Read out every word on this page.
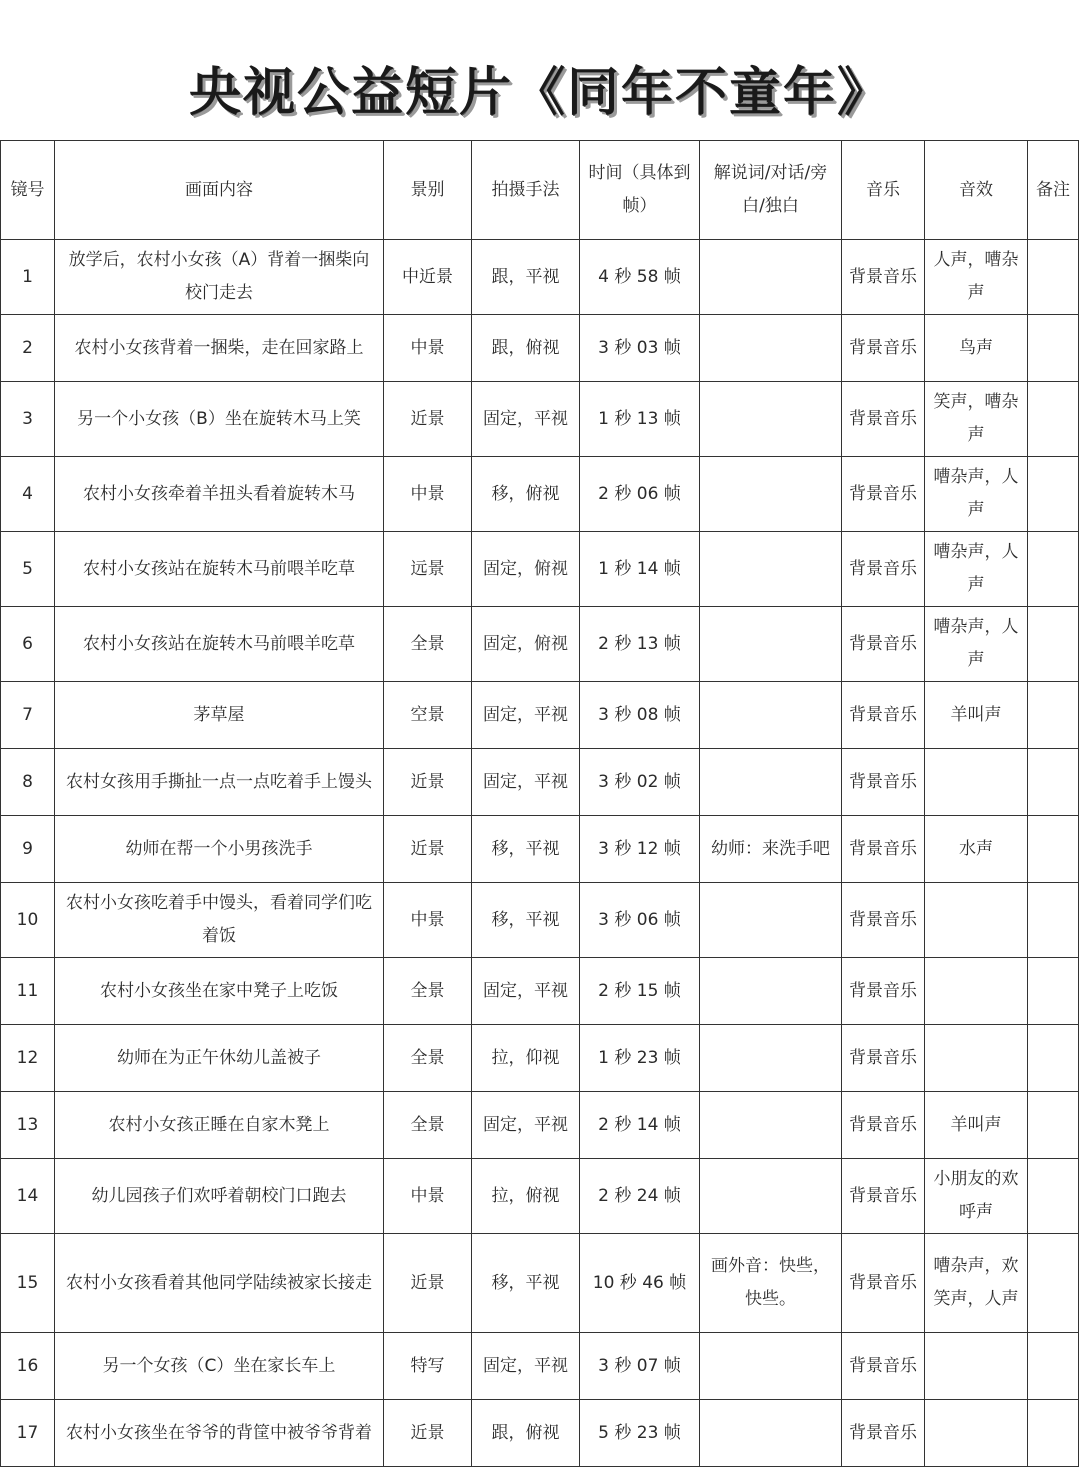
央视公益短片《同年不童年》
镜号	画面内容	景别	拍摄手法	时间（具体到帧）	解说词/对话/旁白/独白	音乐	音效	备注
1	放学后，农村小女孩（A）背着一捆柴向校门走去	中近景	跟，平视	4 秒 58 帧		背景音乐	人声，嘈杂声	
2	农村小女孩背着一捆柴，走在回家路上	中景	跟，俯视	3 秒 03 帧		背景音乐	鸟声	
3	另一个小女孩（B）坐在旋转木马上笑	近景	固定，平视	1 秒 13 帧		背景音乐	笑声，嘈杂声	
4	农村小女孩牵着羊扭头看着旋转木马	中景	移，俯视	2 秒 06 帧		背景音乐	嘈杂声，人声	
5	农村小女孩站在旋转木马前喂羊吃草	远景	固定，俯视	1 秒 14 帧		背景音乐	嘈杂声，人声	
6	农村小女孩站在旋转木马前喂羊吃草	全景	固定，俯视	2 秒 13 帧		背景音乐	嘈杂声，人声	
7	茅草屋	空景	固定，平视	3 秒 08 帧		背景音乐	羊叫声	
8	农村女孩用手撕扯一点一点吃着手上馒头	近景	固定，平视	3 秒 02 帧		背景音乐		
9	幼师在帮一个小男孩洗手	近景	移，平视	3 秒 12 帧	幼师：来洗手吧	背景音乐	水声	
10	农村小女孩吃着手中馒头，看着同学们吃着饭	中景	移，平视	3 秒 06 帧		背景音乐		
11	农村小女孩坐在家中凳子上吃饭	全景	固定，平视	2 秒 15 帧		背景音乐		
12	幼师在为正午休幼儿盖被子	全景	拉，仰视	1 秒 23 帧		背景音乐		
13	农村小女孩正睡在自家木凳上	全景	固定，平视	2 秒 14 帧		背景音乐	羊叫声	
14	幼儿园孩子们欢呼着朝校门口跑去	中景	拉，俯视	2 秒 24 帧		背景音乐	小朋友的欢呼声	
15	农村小女孩看着其他同学陆续被家长接走	近景	移，平视	10 秒 46 帧	画外音：快些，快些。	背景音乐	嘈杂声，欢笑声，人声	
16	另一个女孩（C）坐在家长车上	特写	固定，平视	3 秒 07 帧		背景音乐		
17	农村小女孩坐在爷爷的背筐中被爷爷背着	近景	跟，俯视	5 秒 23 帧		背景音乐		
